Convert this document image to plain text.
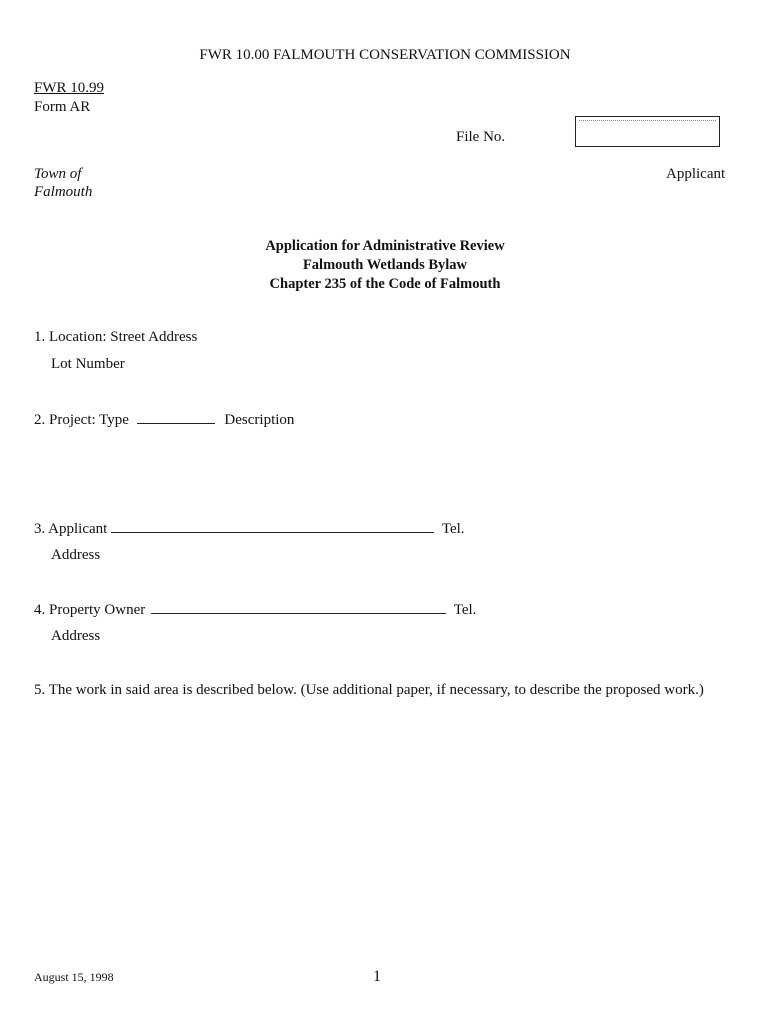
FWR 10.00 FALMOUTH CONSERVATION COMMISSION
FWR 10.99
Form AR
File No.
Town of
Falmouth
Applicant
Application for Administrative Review
Falmouth Wetlands Bylaw
Chapter 235 of the Code of Falmouth
1. Location: Street Address
Lot Number
2. Project: Type	Description
3. Applicant	Tel.
Address
4. Property Owner	Tel.
Address
5. The work in said area is described below. (Use additional paper, if necessary, to describe the proposed work.)
August 15, 1998	1
